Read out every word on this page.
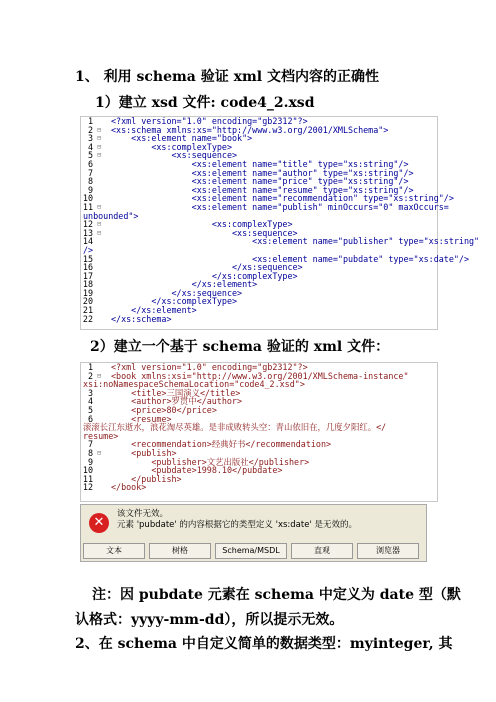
1、 利用 schema 验证 xml 文档内容的正确性
1）建立 xsd 文件: code4_2.xsd
1 <?xml version="1.0" encoding="gb2312"?>
2 ⊟	<xs:schema xmlns:xs="http://www.w3.org/2001/XMLSchema">
3 ⊟	<xs:element name="book">
4 ⊟	<xs:complexType>
5 ⊟	<xs:sequence>
6 <xs:element name="title" type="xs:string"/>
7 <xs:element name="author" type="xs:string"/>
8 <xs:element name="price" type="xs:string"/>
9 <xs:element name="resume" type="xs:string"/>
10 <xs:element name="recommendation" type="xs:string"/>
11 ⊟	<xs:element name="publish" minOccurs="0" maxOccurs=
unbounded">
12 ⊟	<xs:complexType>
13 ⊟	<xs:sequence>
14 <xs:element name="publisher" type="xs:string"
/>
15 <xs:element name="pubdate" type="xs:date"/>
16 </xs:sequence>
17 </xs:complexType>
18 </xs:element>
19 </xs:sequence>
20 </xs:complexType>
21 </xs:element>
22 </xs:schema>
2）建立一个基于 schema 验证的 xml 文件：
1 <?xml version="1.0" encoding="gb2312"?>
2 ⊟	<book xmlns:xsi="http://www.w3.org/2001/XMLSchema-instance"
xsi:noNamespaceSchemaLocation="code4_2.xsd">
3 <title>三国演义</title>
4 <author>罗贯中</author>
5 <price>80</price>
6 <resume>
滚滚长江东逝水，浪花淘尽英雄。是非成败转头空：青山依旧在，几度夕阳红。</
resume>
7 <recommendation>经典好书</recommendation>
8 ⊟	<publish>
9 <publisher>文艺出版社</publisher>
10 <pubdate>1998.10</pubdate>
11 </publish>
12 </book>
✕
该文件无效。
元素 'pubdate' 的内容根据它的类型定义 'xs:date' 是无效的。
文本	树格	Schema/MSDL	直观	浏览器
注：因 pubdate 元素在 schema 中定义为 date 型（默
认格式：yyyy-mm-dd），所以提示无效。
2、在 schema 中自定义简单的数据类型：myinteger, 其
